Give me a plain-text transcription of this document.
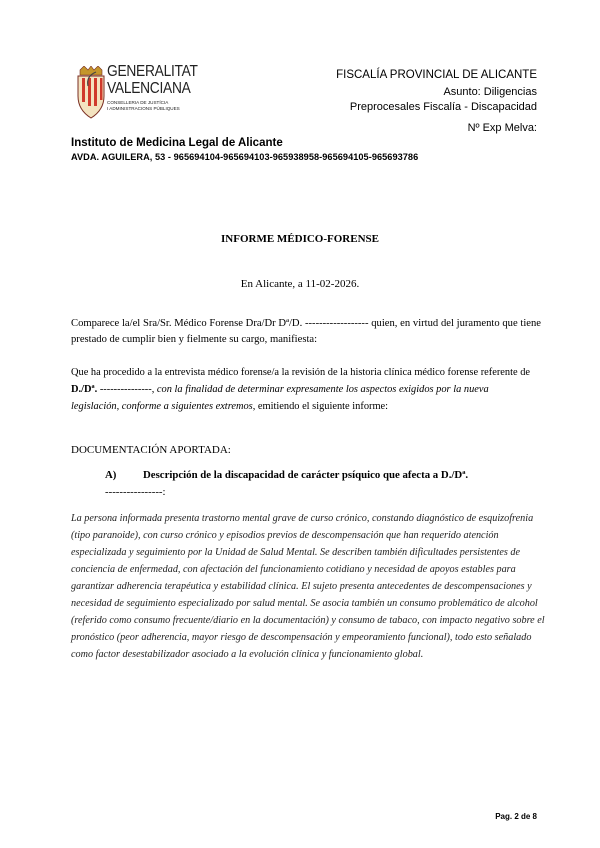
GENERALITAT
VALENCIANA
CONSELLERIA DE JUSTÍCIA
I ADMINISTRACIONS PÚBLIQUES
FISCALÍA PROVINCIAL DE ALICANTE
Asunto: Diligencias
Preprocesales Fiscalía - Discapacidad
Nº Exp Melva:
Instituto de Medicina Legal de Alicante
AVDA. AGUILERA, 53 - 965694104-965694103-965938958-965694105-965693786
INFORME MÉDICO-FORENSE
En Alicante, a 11-02-2026.
Comparece la/el Sra/Sr. Médico Forense Dra/Dr Dª/D. ------------------ quien, en virtud del juramento que tiene prestado de cumplir bien y fielmente su cargo, manifiesta:
Que ha procedido a la entrevista médico forense/a la revisión de la historia clínica médico forense referente de D./Dª. ---------------, con la finalidad de determinar expresamente los aspectos exigidos por la nueva legislación, conforme a siguientes extremos, emitiendo el siguiente informe:
DOCUMENTACIÓN APORTADA:
A) Descripción de la discapacidad de carácter psíquico que afecta a D./Dª.
----------------:
La persona informada presenta trastorno mental grave de curso crónico, constando diagnóstico de esquizofrenia (tipo paranoide), con curso crónico y episodios previos de descompensación que han requerido atención especializada y seguimiento por la Unidad de Salud Mental. Se describen también dificultades persistentes de conciencia de enfermedad, con afectación del funcionamiento cotidiano y necesidad de apoyos estables para garantizar adherencia terapéutica y estabilidad clínica. El sujeto presenta antecedentes de descompensaciones y necesidad de seguimiento especializado por salud mental. Se asocia también un consumo problemático de alcohol (referido como consumo frecuente/diario en la documentación) y consumo de tabaco, con impacto negativo sobre el pronóstico (peor adherencia, mayor riesgo de descompensación y empeoramiento funcional), todo esto señalado como factor desestabilizador asociado a la evolución clínica y funcionamiento global.
Pag. 2 de 8
